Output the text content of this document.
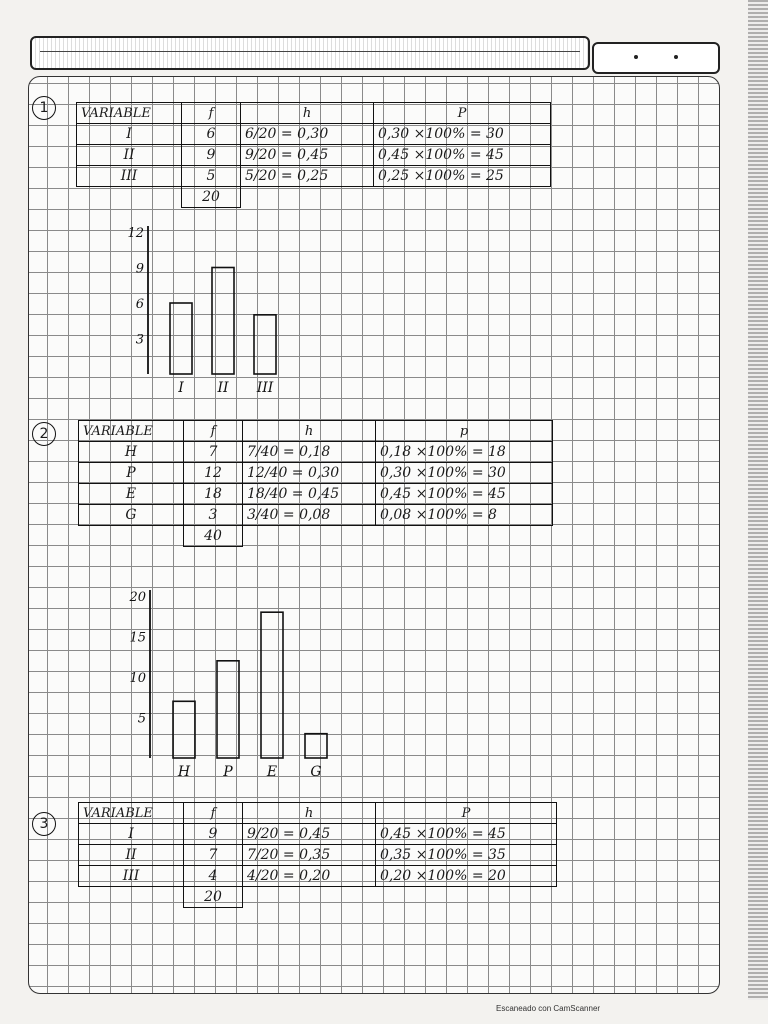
1	VARIABLE	f	h	P
I	6	6/20 = 0,30	0,30 ×100% = 30
II	9	9/20 = 0,45	0,45 ×100% = 45
III	5	5/20 = 0,25	0,25 ×100% = 25
	20		
3
6
9
12
I II III
2	VARIABLE	f	h	p
H	7	7/40 = 0,18	0,18 ×100% = 18
P	12	12/40 = 0,30	0,30 ×100% = 30
E	18	18/40 = 0,45	0,45 ×100% = 45
G	3	3/40 = 0,08	0,08 ×100% = 8
	40		
5
10
15
20
H P E G
3
VARIABLE	f	h	P
I	9	9/20 = 0,45	0,45 ×100% = 45
II	7	7/20 = 0,35	0,35 ×100% = 35
III	4	4/20 = 0,20	0,20 ×100% = 20
	20		
Escaneado con CamScanner
